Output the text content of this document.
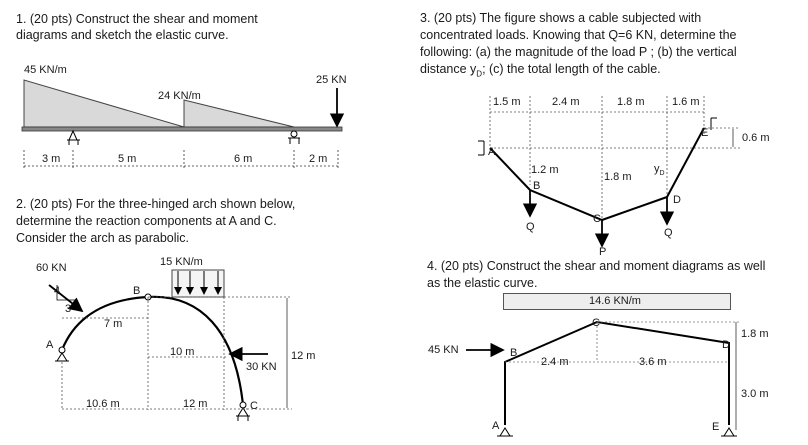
1. (20 pts) Construct the shear and moment
diagrams and sketch the elastic curve.
45 KN/m
24 KN/m
25 KN
3 m	5 m	6 m	2 m
2. (20 pts) For the three-hinged arch shown below,
determine the reaction components at A and C.
Consider the arch as parabolic.
60 KN
4
3
15 KN/m
30 KN
A
B
C
7 m
10 m
10.6 m	12 m
12 m
3. (20 pts) The figure shows a cable subjected with
concentrated loads. Knowing that Q=6 KN, determine the
following: (a) the magnitude of the load P ; (b) the vertical
distance $y_D$; (c) the total length of the cable.
1.5 m	2.4 m	1.8 m 1.6 m
0.6 m
1.2 m
1.8 m
$y_D$
A
B
C
D
E
Q
P
Q
4. (20 pts) Construct the shear and moment diagrams as well
as the elastic curve.
14.6 KN/m
45 KN
A
B
C
D
E
2.4 m	3.6 m
1.8 m
3.0 m
